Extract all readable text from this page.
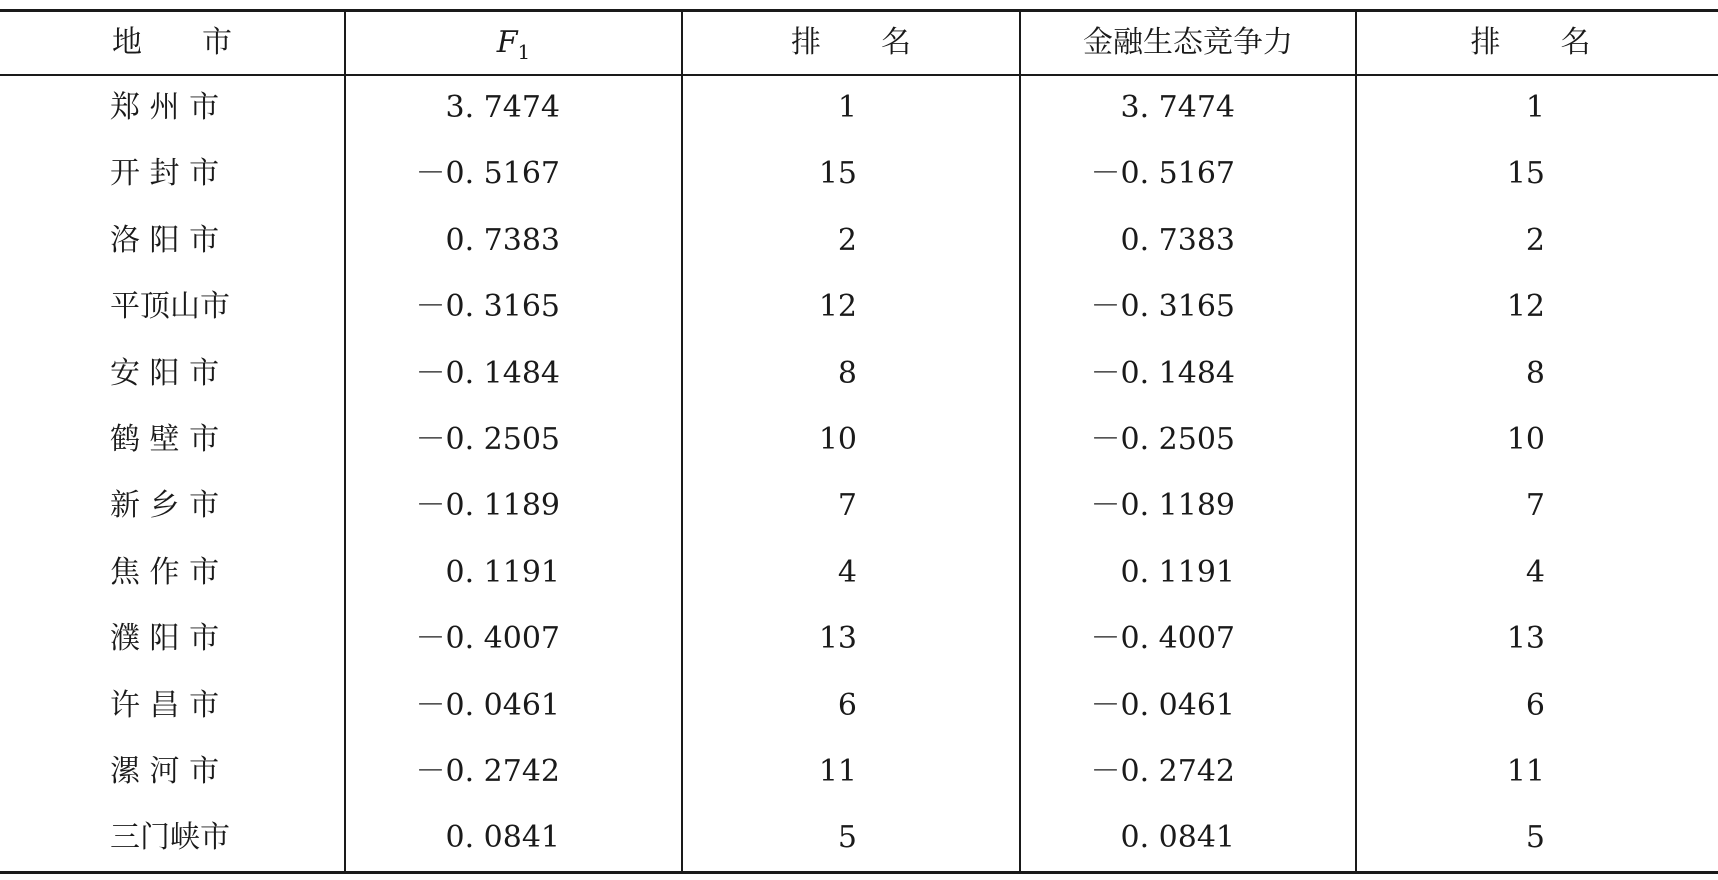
地　　市	$F_1$	排　　名	金融生态竞争力	排　　名
郑 州 市	3. 7474	1	3. 7474	1
开 封 市	－0. 5167	15	－0. 5167	15
洛 阳 市	0. 7383	2	0. 7383	2
平顶山市	－0. 3165	12	－0. 3165	12
安 阳 市	－0. 1484	8	－0. 1484	8
鹤 壁 市	－0. 2505	10	－0. 2505	10
新 乡 市	－0. 1189	7	－0. 1189	7
焦 作 市	0. 1191	4	0. 1191	4
濮 阳 市	－0. 4007	13	－0. 4007	13
许 昌 市	－0. 0461	6	－0. 0461	6
漯 河 市	－0. 2742	11	－0. 2742	11
三门峡市	0. 0841	5	0. 0841	5
